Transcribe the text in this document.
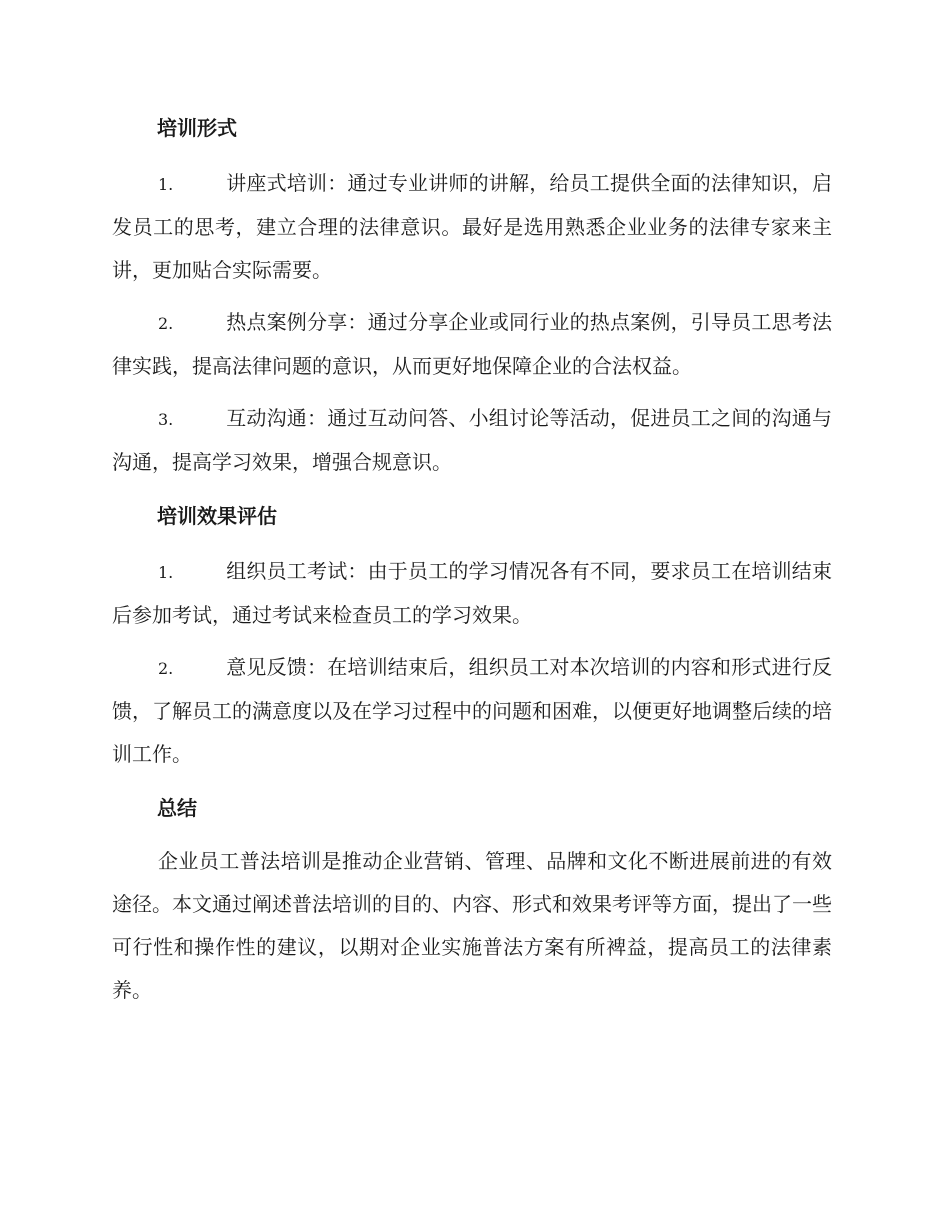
培训形式

1.	讲座式培训：通过专业讲师的讲解，给员工提供全面的法律知识，启发员工的思考，建立合理的法律意识。最好是选用熟悉企业业务的法律专家来主讲，更加贴合实际需要。

2.	热点案例分享：通过分享企业或同行业的热点案例，引导员工思考法律实践，提高法律问题的意识，从而更好地保障企业的合法权益。

3.	互动沟通：通过互动问答、小组讨论等活动，促进员工之间的沟通与沟通，提高学习效果，增强合规意识。

培训效果评估

1.	组织员工考试：由于员工的学习情况各有不同，要求员工在培训结束后参加考试，通过考试来检查员工的学习效果。

2.	意见反馈：在培训结束后，组织员工对本次培训的内容和形式进行反馈，了解员工的满意度以及在学习过程中的问题和困难，以便更好地调整后续的培训工作。

总结

企业员工普法培训是推动企业营销、管理、品牌和文化不断进展前进的有效途径。本文通过阐述普法培训的目的、内容、形式和效果考评等方面，提出了一些可行性和操作性的建议，以期对企业实施普法方案有所裨益，提高员工的法律素养。
